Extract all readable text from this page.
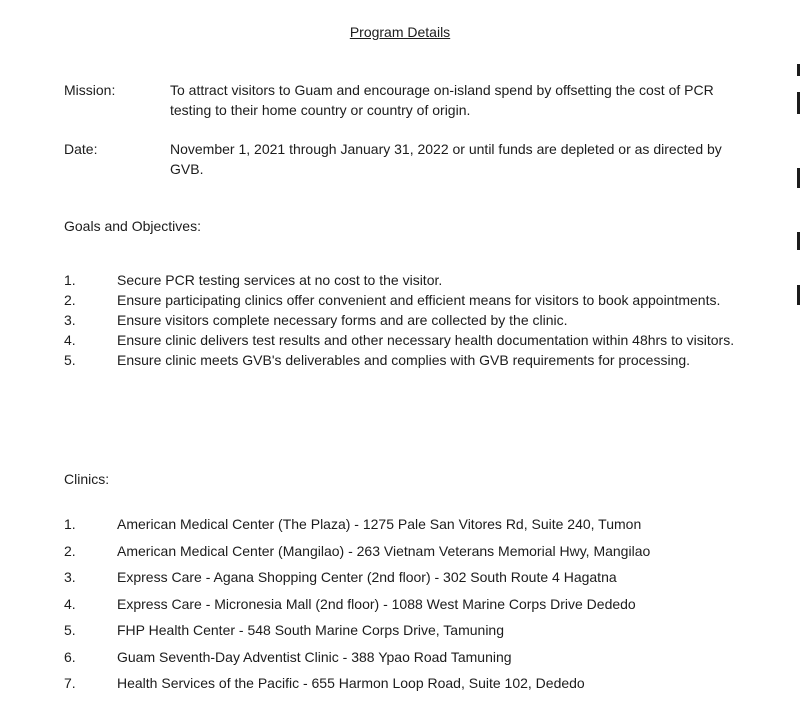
Program Details
Mission:	To attract visitors to Guam and encourage on-island spend by offsetting the cost of PCR testing to their home country or country of origin.
Date:	November 1, 2021 through January 31, 2022 or until funds are depleted or as directed by GVB.
Goals and Objectives:
1.	Secure PCR testing services at no cost to the visitor.
2.	Ensure participating clinics offer convenient and efficient means for visitors to book appointments.
3.	Ensure visitors complete necessary forms and are collected by the clinic.
4.	Ensure clinic delivers test results and other necessary health documentation within 48hrs to visitors.
5.	Ensure clinic meets GVB's deliverables and complies with GVB requirements for processing.
Clinics:
1.	American Medical Center (The Plaza) - 1275 Pale San Vitores Rd, Suite 240, Tumon
2.	American Medical Center (Mangilao) - 263 Vietnam Veterans Memorial Hwy, Mangilao
3.	Express Care - Agana Shopping Center (2nd floor) - 302 South Route 4 Hagatna
4.	Express Care - Micronesia Mall (2nd floor) - 1088 West Marine Corps Drive Dededo
5.	FHP Health Center - 548 South Marine Corps Drive, Tamuning
6.	Guam Seventh-Day Adventist Clinic - 388 Ypao Road Tamuning
7.	Health Services of the Pacific - 655 Harmon Loop Road, Suite 102, Dededo
